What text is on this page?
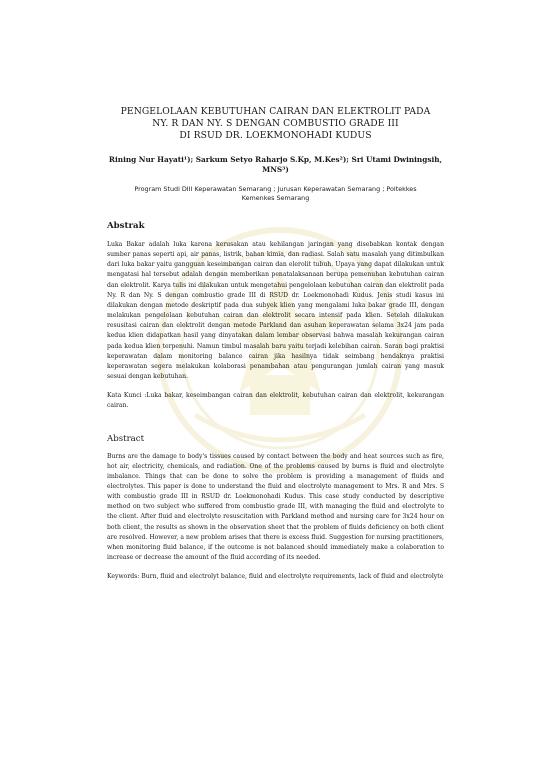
PENGELOLAAN KEBUTUHAN CAIRAN DAN ELEKTROLIT PADA
NY. R DAN NY. S DENGAN COMBUSTIO GRADE III
DI RSUD DR. LOEKMONOHADI KUDUS
Rining Nur Hayati¹); Sarkum Setyo Raharjo S.Kp, M.Kes²); Sri Utami Dwiningsih,
MNS³)
Program Studi DIII Keperawatan Semarang ; Jurusan Keperawatan Semarang ; Poltekkes
Kemenkes Semarang
Abstrak

Luka Bakar adalah luka karena kerusakan atau kehilangan jaringan yang disebabkan kontak dengan sumber panas seperti api, air panas, listrik, bahan kimia, dan radiasi. Salah satu masalah yang ditimbulkan dari luka bakar yaitu gangguan keseimbangan cairan dan elerolit tubuh. Upaya yang dapat dilakukan untuk mengatasi hal tersebut adalah dengan memberikan penatalaksanaan berupa pemenuhan kebutuhan cairan dan elektrolit. Karya tulis ini dilakukan untuk mengetahui pengelolaan kebutuhan cairan dan elektrolit pada Ny. R dan Ny. S dengan combustio grade III di RSUD dr. Loekmonohadi Kudus. Jenis studi kasus ini dilakukan dengan metode deskriptif pada dua subyek klien yang mengalami luka bakar grade III, dengan melakukan pengelolaan kebutuhan cairan dan elektrolit secara intensif pada klien. Setelah dilakukan resusitasi cairan dan elektrolit dengan metode Parkland dan asuhan keperawatan selama 3x24 jam pada kedua klien didapatkan hasil yang dinyatakan dalam lembar observasi bahwa masalah kekurangan cairan pada kedua klien terpenuhi. Namun timbul masalah baru yaitu terjadi kelebihan cairan. Saran bagi praktisi keperawatan dalam monitoring balance cairan jika hasilnya tidak seimbang hendaknya praktisi keperawatan segera melakukan kolaborasi penambahan atau pengurangan jumlah cairan yang masuk sesuai dengan kebutuhan.

Kata Kunci :Luka bakar, keseimbangan cairan dan elektrolit, kebutuhan cairan dan elektrolit, kekurangan cairan.

Abstract

Burns are the damage to body's tissues caused by contact between the body and heat sources such as fire, hot air, electricity, chemicals, and radiation. One of the problems caused by burns is fluid and electrolyte imbalance. Things that can be done to solve the problem is providing a management of fluids and electrolytes. This paper is done to understand the fluid and electrolyte management to Mrs. R and Mrs. S with combustio grade III in RSUD dr. Loekmonohadi Kudus. This case study conducted by descriptive method on two subject who suffered from combustio grade III, with managing the fluid and electrolyte to the client. After fluid and electrolyte resuscitation with Parkland method and nursing care for 3x24 hour on both client, the results as shown in the observation sheet that the problem of fluids deficiency on both client are resolved. However, a new problem arises that there is excess fluid. Suggestion for nursing practitioners, when monitoring fluid balance, if the outcome is not balanced should immediately make a colaboration to increase or decrease the amount of the fluid according of its needed.

Keywords: Burn, fluid and electrolyt balance, fluid and electrolyte requirements, lack of fluid and electrolyte
